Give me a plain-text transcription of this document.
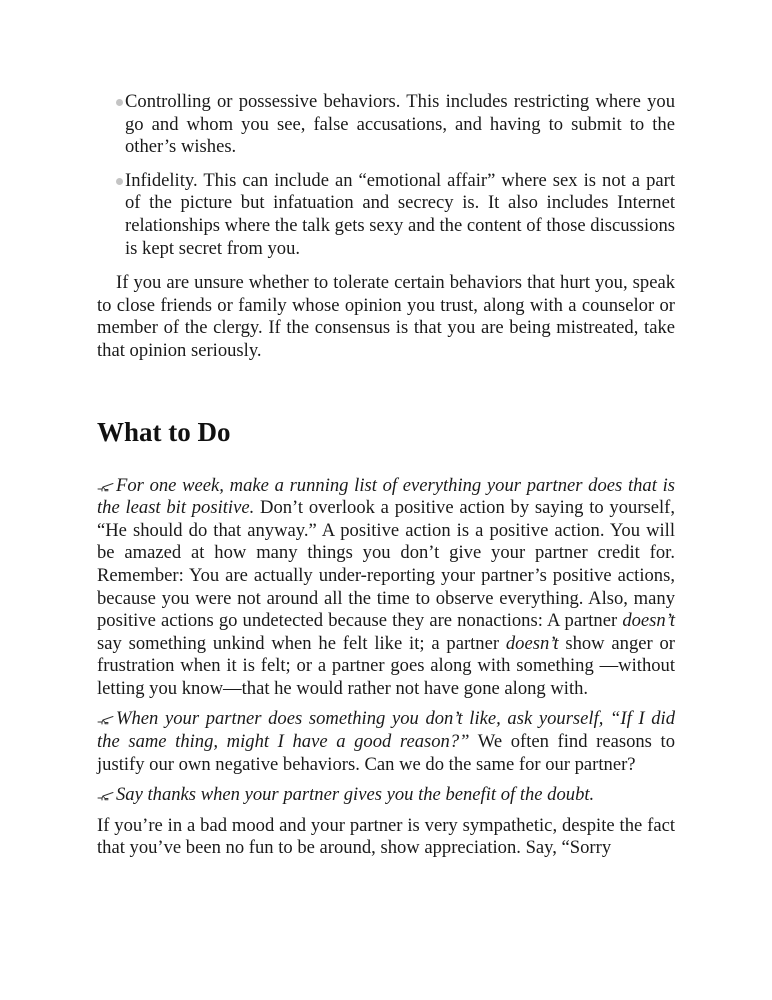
Controlling or possessive behaviors. This includes restricting where you go and whom you see, false accusations, and having to submit to the other’s wishes.
Infidelity. This can include an “emotional affair” where sex is not a part of the picture but infatuation and secrecy is. It also includes Internet relationships where the talk gets sexy and the content of those discussions is kept secret from you.

If you are unsure whether to tolerate certain behaviors that hurt you, speak to close friends or family whose opinion you trust, along with a counselor or member of the clergy. If the consensus is that you are being mistreated, take that opinion seriously.

What to Do

For one week, make a running list of everything your partner does that is the least bit positive. Don’t overlook a positive action by saying to yourself, “He should do that anyway.” A positive action is a positive action. You will be amazed at how many things you don’t give your partner credit for. Remember: You are actually under-reporting your partner’s positive actions, because you were not around all the time to observe everything. Also, many positive actions go undetected because they are nonactions: A partner doesn’t say something unkind when he felt like it; a partner doesn’t show anger or frustration when it is felt; or a partner goes along with something —without letting you know—that he would rather not have gone along with.

When your partner does something you don’t like, ask yourself, “If I did the same thing, might I have a good reason?” We often find reasons to justify our own negative behaviors. Can we do the same for our partner?

Say thanks when your partner gives you the benefit of the doubt.

If you’re in a bad mood and your partner is very sympathetic, despite the fact that you’ve been no fun to be around, show appreciation. Say, “Sorry
